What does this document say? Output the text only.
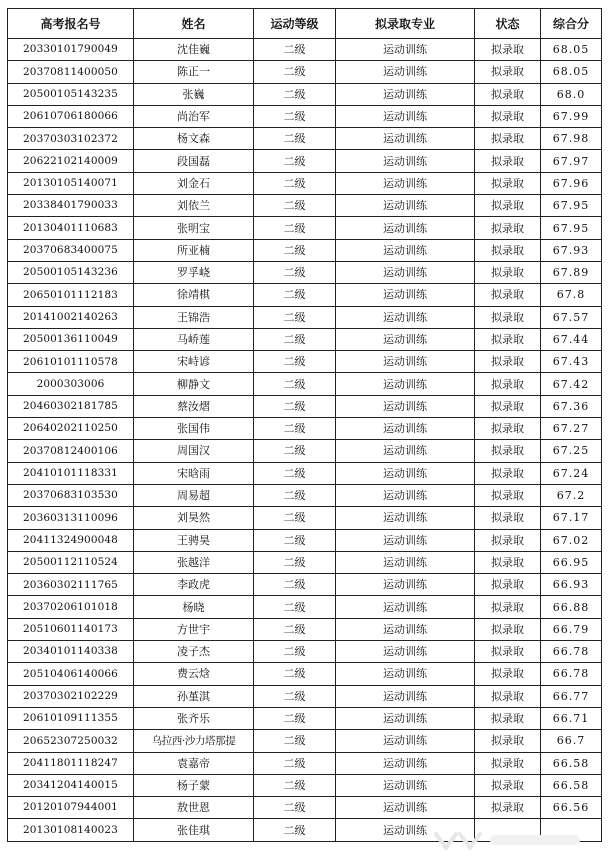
高考报名号	姓名	运动等级	拟录取专业	状态	综合分
20330101790049	沈佳巍	二级	运动训练	拟录取	68.05
20370811400050	陈正一	二级	运动训练	拟录取	68.05
20500105143235	张巍	二级	运动训练	拟录取	68.0
20610706180066	尚治军	二级	运动训练	拟录取	67.99
20370303102372	杨文森	二级	运动训练	拟录取	67.98
20622102140009	段国磊	二级	运动训练	拟录取	67.97
20130105140071	刘金石	二级	运动训练	拟录取	67.96
20338401790033	刘依兰	二级	运动训练	拟录取	67.95
20130401110683	张明宝	二级	运动训练	拟录取	67.95
20370683400075	所亚楠	二级	运动训练	拟录取	67.93
20500105143236	罗孚峣	二级	运动训练	拟录取	67.89
20650101112183	徐靖棋	二级	运动训练	拟录取	67.8
20141002140263	王锦浩	二级	运动训练	拟录取	67.57
20500136110049	马峤莲	二级	运动训练	拟录取	67.44
20610101110578	宋峙谚	二级	运动训练	拟录取	67.43
2000303006	柳静文	二级	运动训练	拟录取	67.42
20460302181785	蔡汝熠	二级	运动训练	拟录取	67.36
20640202110250	张国伟	二级	运动训练	拟录取	67.27
20370812400106	周国汉	二级	运动训练	拟录取	67.25
20410101118331	宋晗雨	二级	运动训练	拟录取	67.24
20370683103530	周易超	二级	运动训练	拟录取	67.2
20360313110096	刘昊然	二级	运动训练	拟录取	67.17
20411324900048	王骋昊	二级	运动训练	拟录取	67.02
20500112110524	张越洋	二级	运动训练	拟录取	66.95
20360302111765	李政虎	二级	运动训练	拟录取	66.93
20370206101018	杨晓	二级	运动训练	拟录取	66.88
20510601140173	方世宇	二级	运动训练	拟录取	66.79
20340101140338	凌子杰	二级	运动训练	拟录取	66.78
20510406140066	费云焓	二级	运动训练	拟录取	66.78
20370302102229	孙堇淇	二级	运动训练	拟录取	66.77
20610109111355	张齐乐	二级	运动训练	拟录取	66.71
20652307250032	乌拉西·沙力塔那提	二级	运动训练	拟录取	66.7
20411801118247	袁嘉帝	二级	运动训练	拟录取	66.58
20341204140015	杨子蒙	二级	运动训练	拟录取	66.58
20120107944001	敖世恩	二级	运动训练	拟录取	66.56
20130108140023	张佳琪	二级	运动训练		
